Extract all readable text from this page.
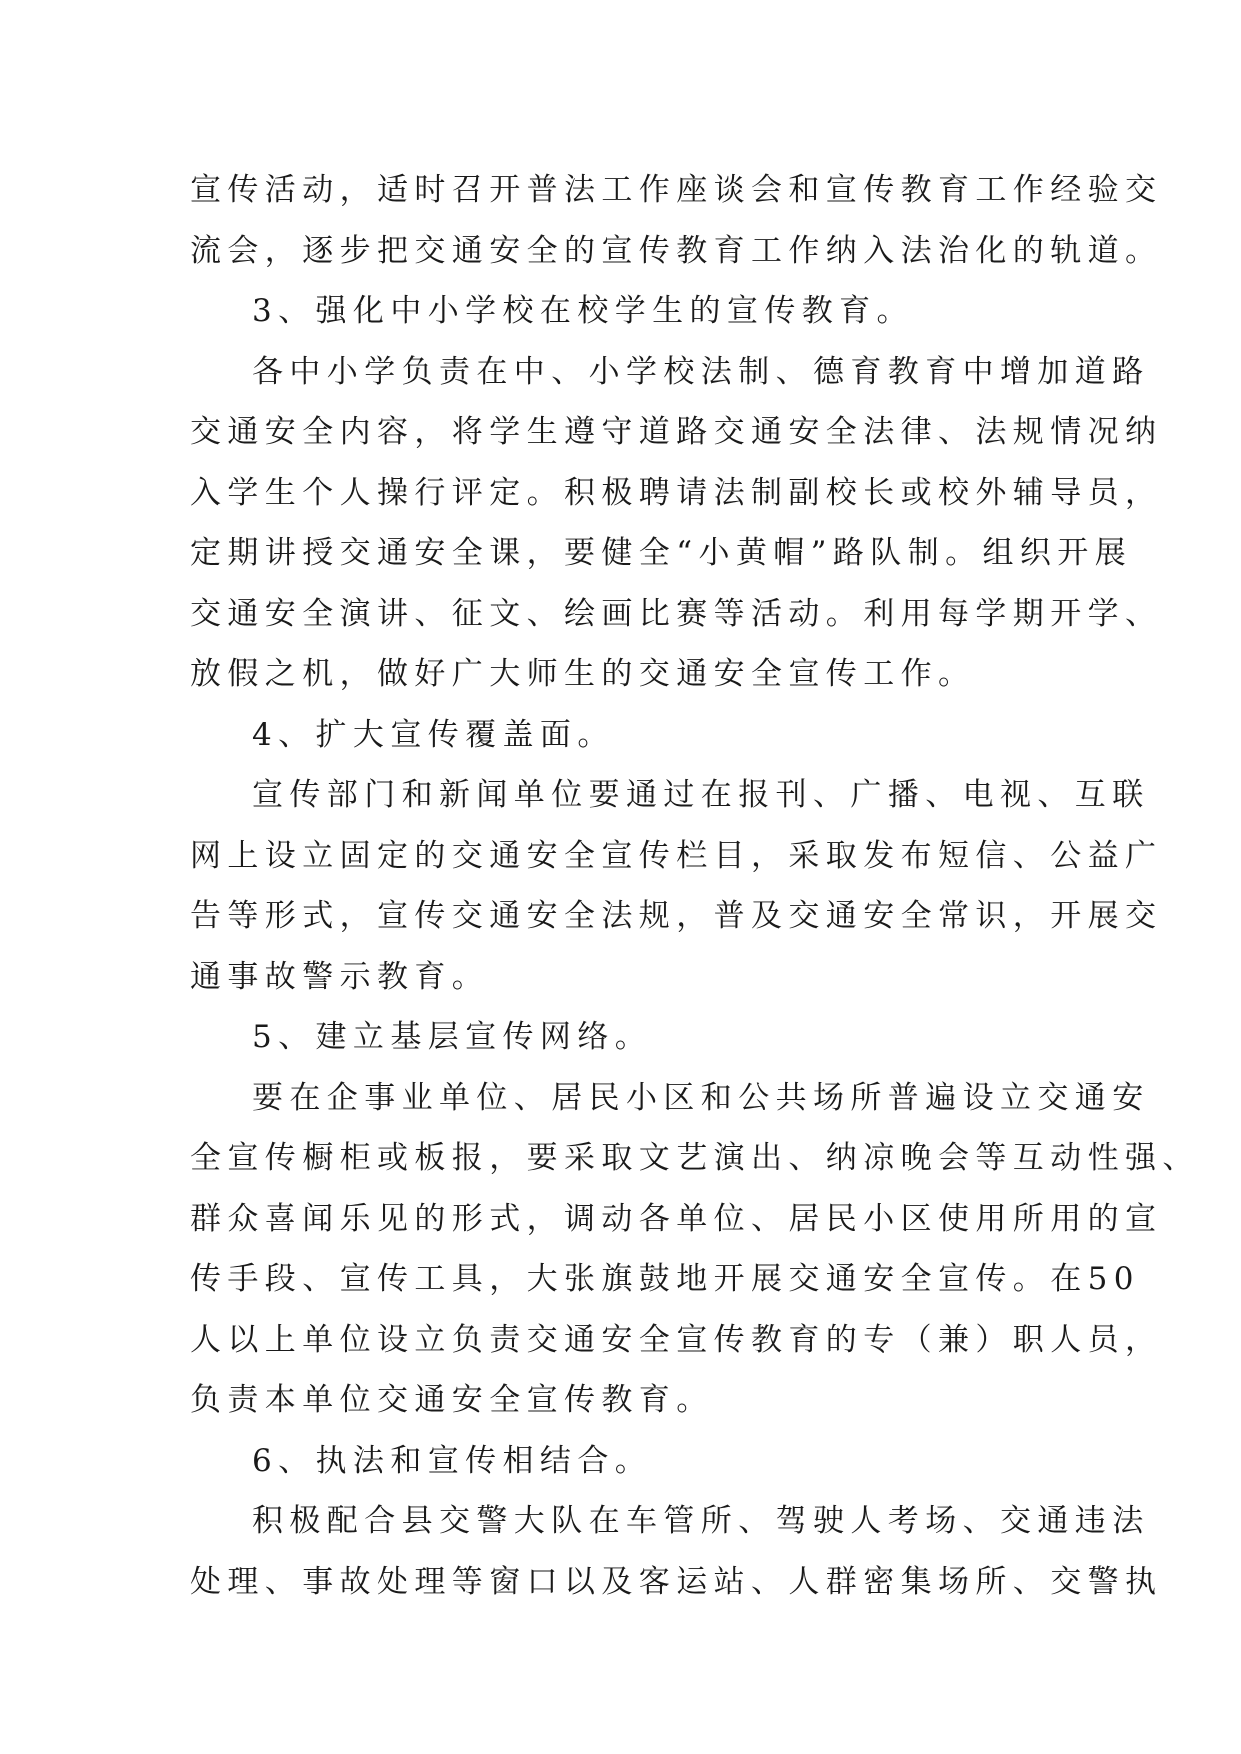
宣传活动，适时召开普法工作座谈会和宣传教育工作经验交
流会，逐步把交通安全的宣传教育工作纳入法治化的轨道。
3、强化中小学校在校学生的宣传教育。
各中小学负责在中、小学校法制、德育教育中增加道路
交通安全内容，将学生遵守道路交通安全法律、法规情况纳
入学生个人操行评定。积极聘请法制副校长或校外辅导员，
定期讲授交通安全课，要健全“小黄帽”路队制。组织开展
交通安全演讲、征文、绘画比赛等活动。利用每学期开学、
放假之机，做好广大师生的交通安全宣传工作。
4、扩大宣传覆盖面。
宣传部门和新闻单位要通过在报刊、广播、电视、互联
网上设立固定的交通安全宣传栏目，采取发布短信、公益广
告等形式，宣传交通安全法规，普及交通安全常识，开展交
通事故警示教育。
5、建立基层宣传网络。
要在企事业单位、居民小区和公共场所普遍设立交通安
全宣传橱柜或板报，要采取文艺演出、纳凉晚会等互动性强、
群众喜闻乐见的形式，调动各单位、居民小区使用所用的宣
传手段、宣传工具，大张旗鼓地开展交通安全宣传。在50
人以上单位设立负责交通安全宣传教育的专（兼）职人员，
负责本单位交通安全宣传教育。
6、执法和宣传相结合。
积极配合县交警大队在车管所、驾驶人考场、交通违法
处理、事故处理等窗口以及客运站、人群密集场所、交警执
